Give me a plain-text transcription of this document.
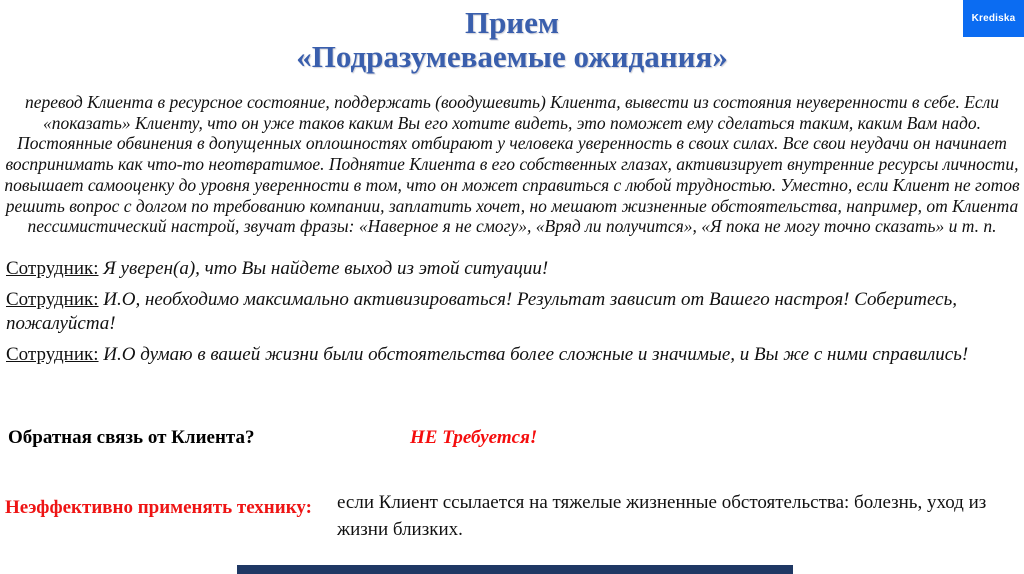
Krediska
Прием
«Подразумеваемые ожидания»
перевод Клиента в ресурсное состояние, поддержать (воодушевить) Клиента, вывести из состояния неуверенности в себе. Если «показать» Клиенту, что он уже таков каким Вы его хотите видеть, это поможет ему сделаться таким, каким Вам надо. Постоянные обвинения в допущенных оплошностях отбирают у человека уверенность в своих силах. Все свои неудачи он начинает воспринимать как что-то неотвратимое. Поднятие Клиента в его собственных глазах, активизирует внутренние ресурсы личности, повышает самооценку до уровня уверенности в том, что он может справиться с любой трудностью. Уместно, если Клиент не готов решить вопрос с долгом по требованию компании, заплатить хочет, но мешают жизненные обстоятельства, например, от Клиента пессимистический настрой, звучат фразы: «Наверное я не смогу», «Вряд ли получится», «Я пока не могу точно сказать» и т. п.
Сотрудник: Я уверен(а), что Вы найдете выход из этой ситуации!
Сотрудник: И.О, необходимо максимально активизироваться! Результат зависит от Вашего настроя! Соберитесь, пожалуйста!
Сотрудник: И.О думаю в вашей жизни были обстоятельства более сложные и значимые, и Вы же с ними справились!
Обратная связь от Клиента?	НЕ Требуется!
Неэффективно применять технику: если Клиент ссылается на тяжелые жизненные обстоятельства: болезнь, уход из жизни близких.
